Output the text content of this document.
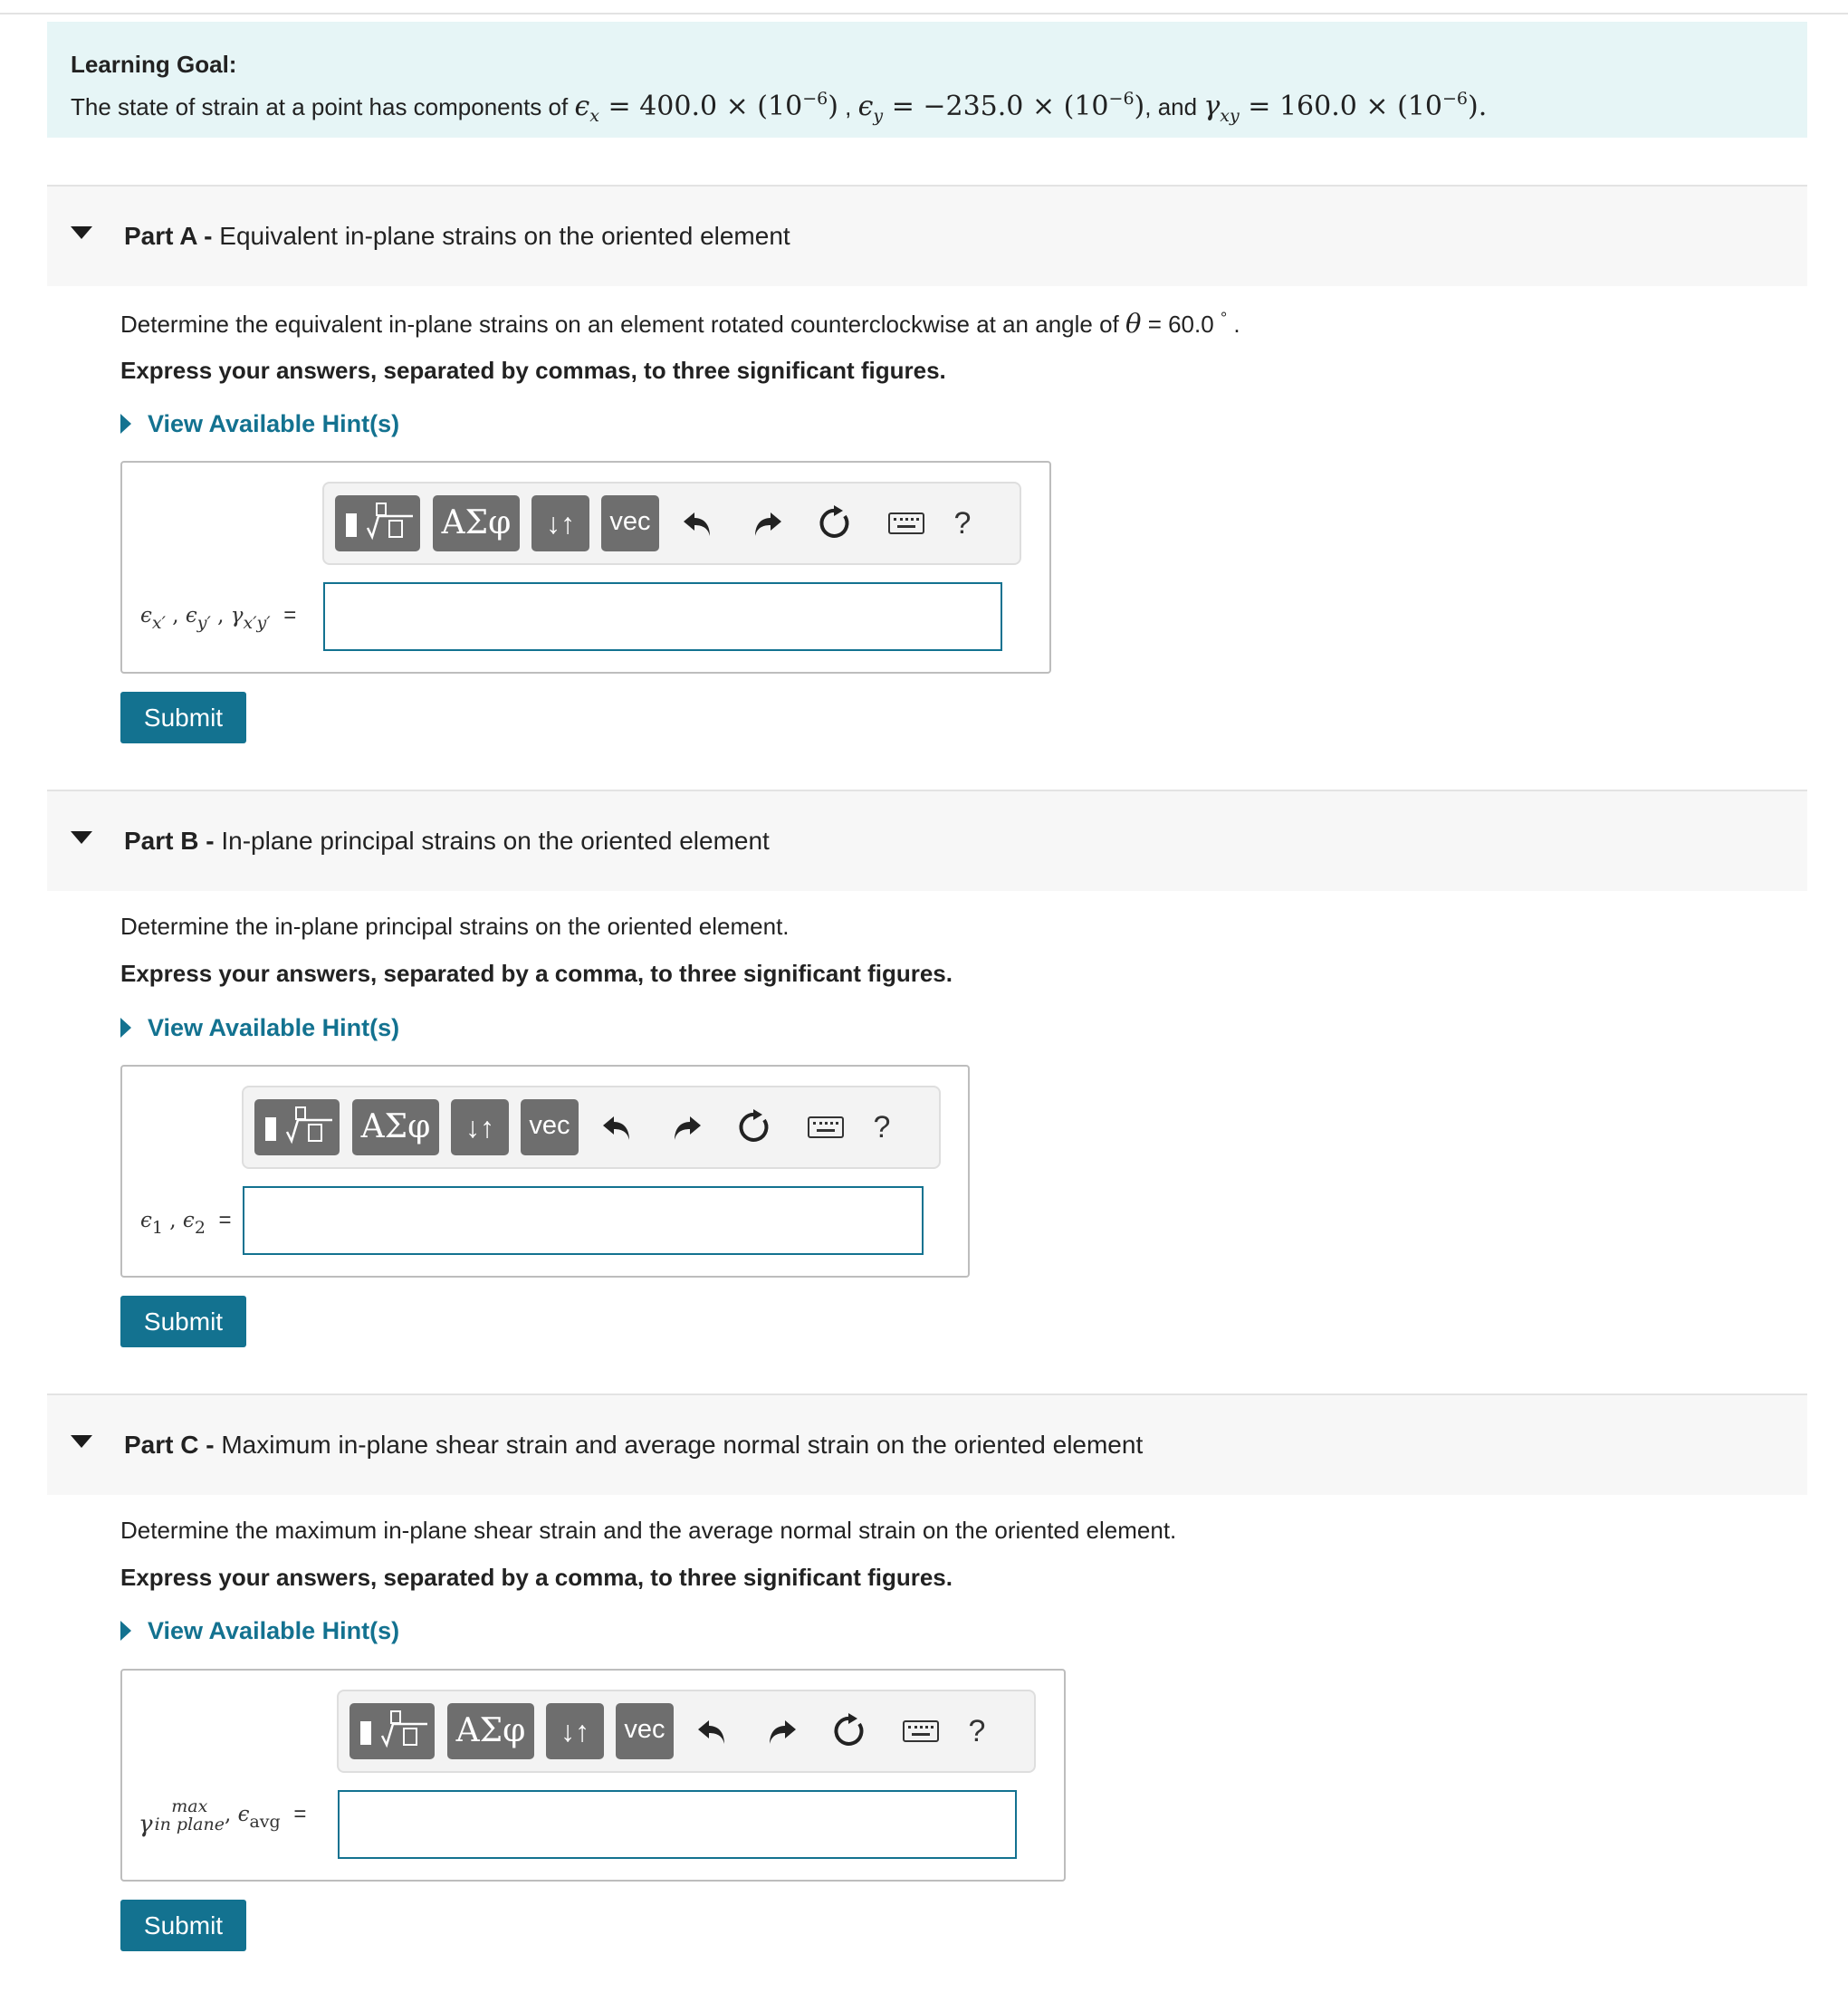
Learning Goal:
The state of strain at a point has components of $\epsilon_x = 400.0 \times (10^{-6})$ , $\epsilon_y = -235.0 \times (10^{-6})$, and $\gamma_{xy} = 160.0 \times (10^{-6})$.
Part A - Equivalent in-plane strains on the oriented element
Determine the equivalent in-plane strains on an element rotated counterclockwise at an angle of θ = 60.0 ° .
Express your answers, separated by commas, to three significant figures.
View Available Hint(s)
ΑΣφ	↓↑	vec	?
$\epsilon_{x'}$ , $\epsilon_{y'}$ , $\gamma_{x'y'}$ =
Submit
Part B - In-plane principal strains on the oriented element
Determine the in-plane principal strains on the oriented element.
Express your answers, separated by a comma, to three significant figures.
View Available Hint(s)
ΑΣφ	↓↑	vec	?
$\epsilon_1$ , $\epsilon_2$ =
Submit
Part C - Maximum in-plane shear strain and average normal strain on the oriented element
Determine the maximum in-plane shear strain and the average normal strain on the oriented element.
Express your answers, separated by a comma, to three significant figures.
View Available Hint(s)
ΑΣφ	↓↑	vec	?
γmax
in plane, $\epsilon_{avg}$ =
Submit
